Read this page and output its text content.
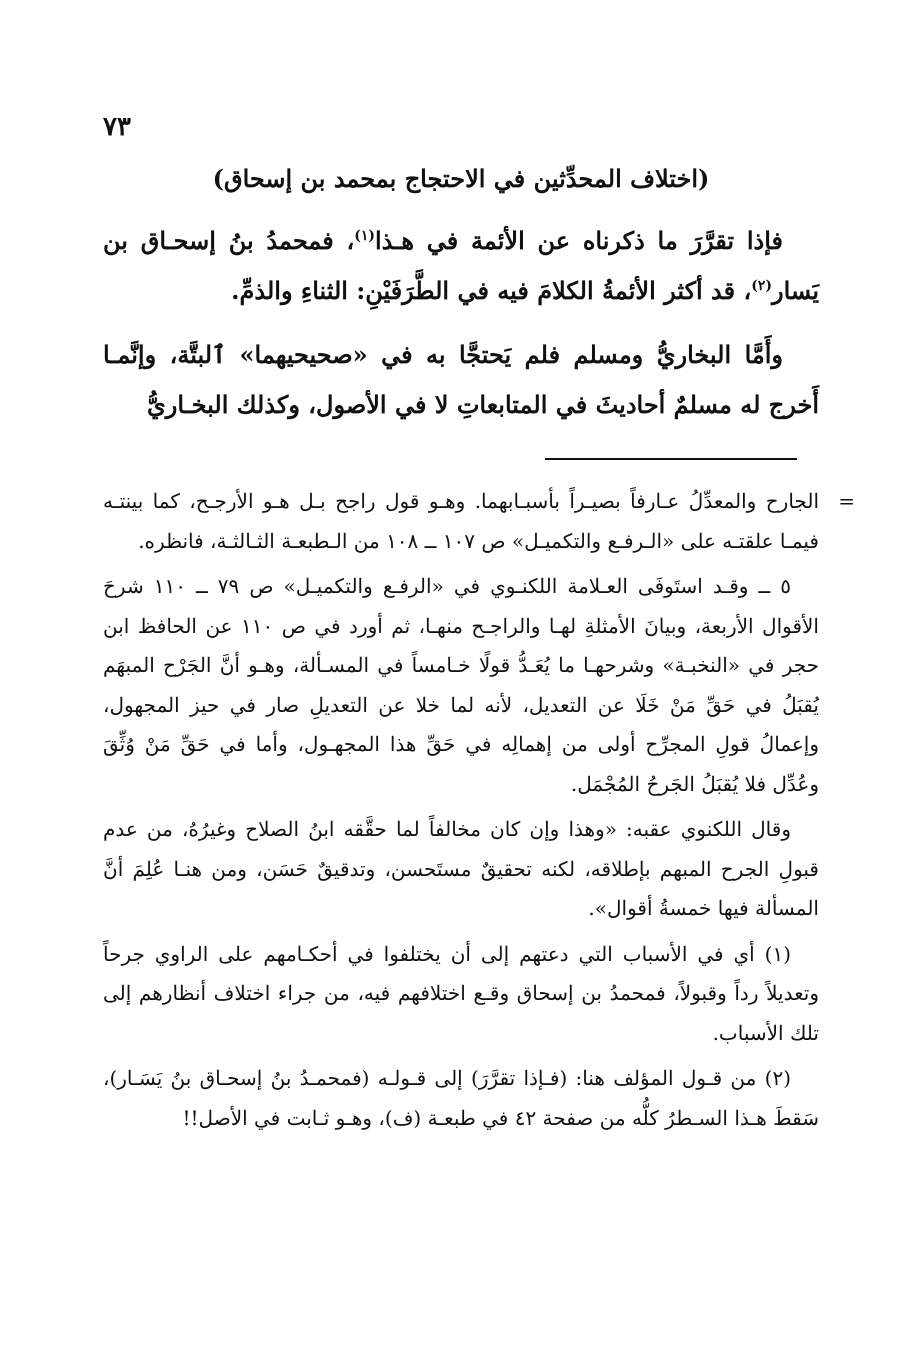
٧٣
(اختلاف المحدِّثين في الاحتجاج بمحمد بن إسحاق)

فإذا تقرَّرَ ما ذكرناه عن الأئمة في هـذا$^{(١)}$، فمحمدُ بنُ إسحـاق بن يَسار$^{(٢)}$، قد أكثر الأئمةُ الكلامَ فيه في الطَّرَفَيْنِ: الثناءِ والذمِّ.

وأَمَّا البخاريُّ ومسلم فلم يَحتجَّا به في «صحيحيهما» ٱلبتَّة، وإنَّمـا أَخرج له مسلمٌ أحاديثَ في المتابعاتِ لا في الأصول، وكذلك البخـاريُّ

=
الجارح والمعدِّلُ عـارفاً بصيـراً بأسبـابهما. وهـو قول راجح بـل هـو الأرجـح، كما بينتـه فيمـا علقتـه على «الـرفـع والتكميـل» ص ١٠٧ ــ ١٠٨ من الـطبعـة الثـالثـة، فانظره.

٥ ــ وقـد استَوفَى العـلامة اللكنـوي في «الرفـع والتكميـل» ص ٧٩ ــ ١١٠ شرحَ الأقوال الأربعة، وبيانَ الأمثلةِ لهـا والراجـح منهـا، ثم أورد في ص ١١٠ عن الحافظ ابن حجر في «النخبـة» وشرحهـا ما يُعَـدُّ قولًا خـامساً في المسـألة، وهـو أنَّ الجَرْح المبهَم يُقبَلُ في حَقِّ مَنْ خَلَا عن التعديل، لأنه لما خلا عن التعديلِ صار في حيز المجهول، وإعمالُ قولِ المجرِّح أولى من إهمالِه في حَقِّ هذا المجهـول، وأما في حَقِّ مَنْ وُثِّقَ وعُدِّل فلا يُقبَلُ الجَرحُ المُجْمَل.

وقال اللكنوي عقبه: «وهذا وإن كان مخالفاً لما حقَّقه ابنُ الصلاح وغيرُهُ، من عدم قبولِ الجرح المبهم بإطلاقه، لكنه تحقيقٌ مستَحسن، وتدقيقٌ حَسَن، ومن هنـا عُلِمَ أنَّ المسألة فيها خمسةُ أقوال».

(١) أي في الأسباب التي دعتهم إلى أن يختلفوا في أحكـامهم على الراوي جرحاً وتعديلاً رداً وقبولاً، فمحمدُ بن إسحاق وقـع اختلافهم فيه، من جراء اختلاف أنظارهم إلى تلك الأسباب.

(٢) من قـول المؤلف هنا: (فـإذا تقرَّرَ) إلى قـولـه (فمحمـدُ بنُ إسحـاق بنُ يَسَـار)، سَقطَ هـذا السـطرُ كلُّه من صفحة ٤٢ في طبعـة (ف)، وهـو ثـابت في الأصل!!
